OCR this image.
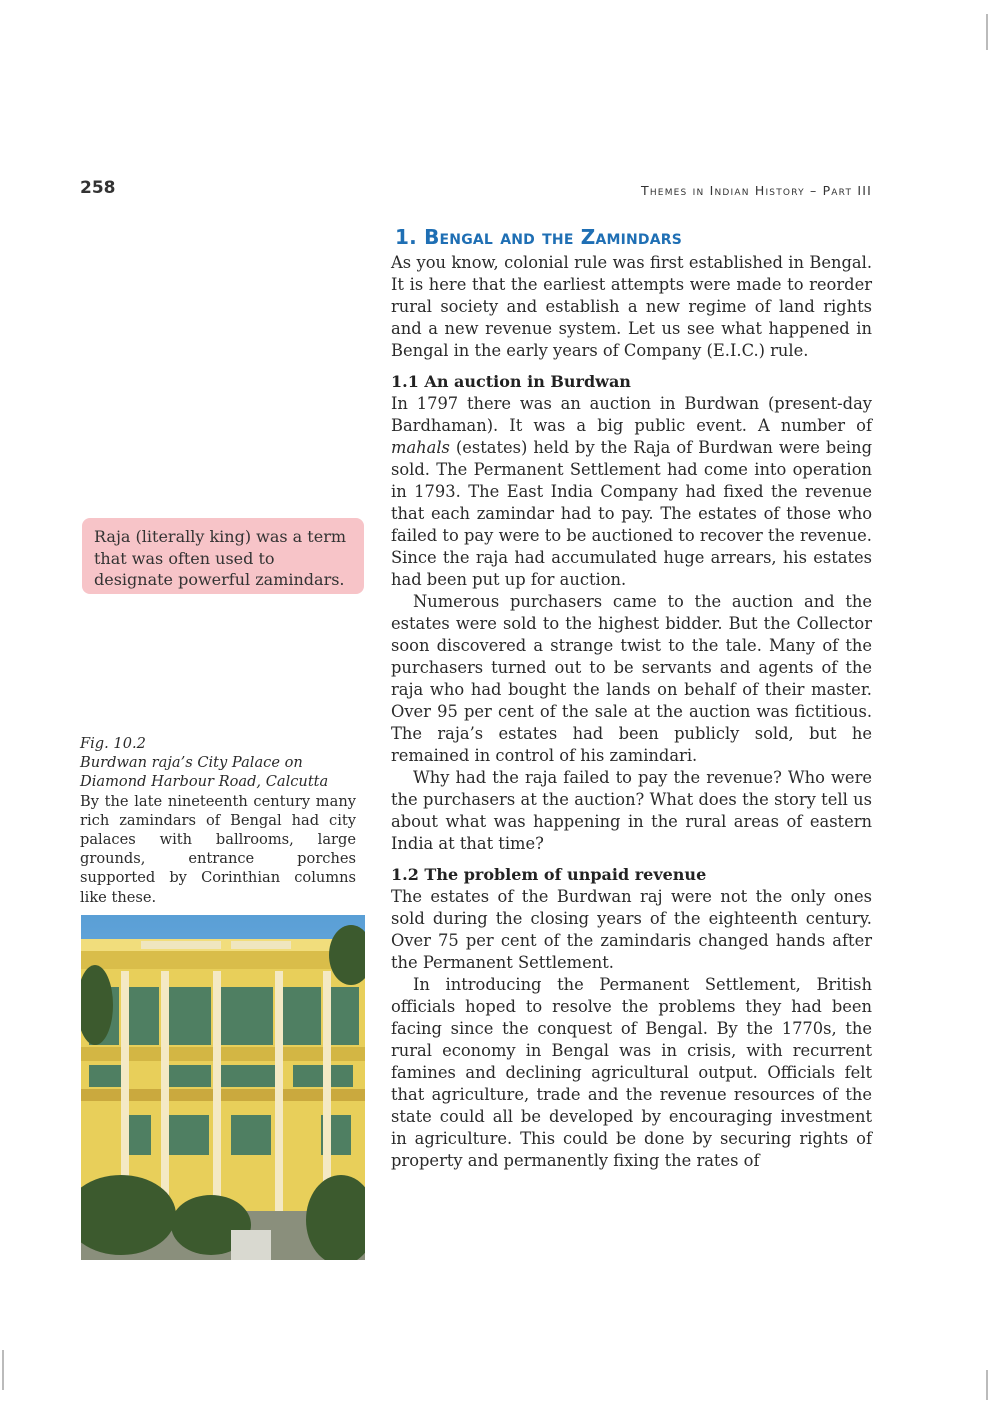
258	Themes in Indian History – Part III
1. Bengal and the Zamindars

As you know, colonial rule was first established in Bengal. It is here that the earliest attempts were made to reorder rural society and establish a new regime of land rights and a new revenue system. Let us see what happened in Bengal in the early years of Company (E.I.C.) rule.

1.1 An auction in Burdwan

In 1797 there was an auction in Burdwan (present-day Bardhaman). It was a big public event. A number of mahals (estates) held by the Raja of Burdwan were being sold. The Permanent Settlement had come into operation in 1793. The East India Company had fixed the revenue that each zamindar had to pay. The estates of those who failed to pay were to be auctioned to recover the revenue. Since the raja had accumulated huge arrears, his estates had been put up for auction.

Numerous purchasers came to the auction and the estates were sold to the highest bidder. But the Collector soon discovered a strange twist to the tale. Many of the purchasers turned out to be servants and agents of the raja who had bought the lands on behalf of their master. Over 95 per cent of the sale at the auction was fictitious. The raja’s estates had been publicly sold, but he remained in control of his zamindari.

Why had the raja failed to pay the revenue? Who were the purchasers at the auction? What does the story tell us about what was happening in the rural areas of eastern India at that time?

1.2 The problem of unpaid revenue

The estates of the Burdwan raj were not the only ones sold during the closing years of the eighteenth century. Over 75 per cent of the zamindaris changed hands after the Permanent Settlement.

In introducing the Permanent Settlement, British officials hoped to resolve the problems they had been facing since the conquest of Bengal. By the 1770s, the rural economy in Bengal was in crisis, with recurrent famines and declining agricultural output. Officials felt that agriculture, trade and the revenue resources of the state could all be developed by encouraging investment in agriculture. This could be done by securing rights of property and permanently fixing the rates of

Raja (literally king) was a term that was often used to designate powerful zamindars.
Fig. 10.2
Burdwan raja’s City Palace on Diamond Harbour Road, Calcutta
By the late nineteenth century many rich zamindars of Bengal had city palaces with ballrooms, large grounds, entrance porches supported by Corinthian columns like these.
